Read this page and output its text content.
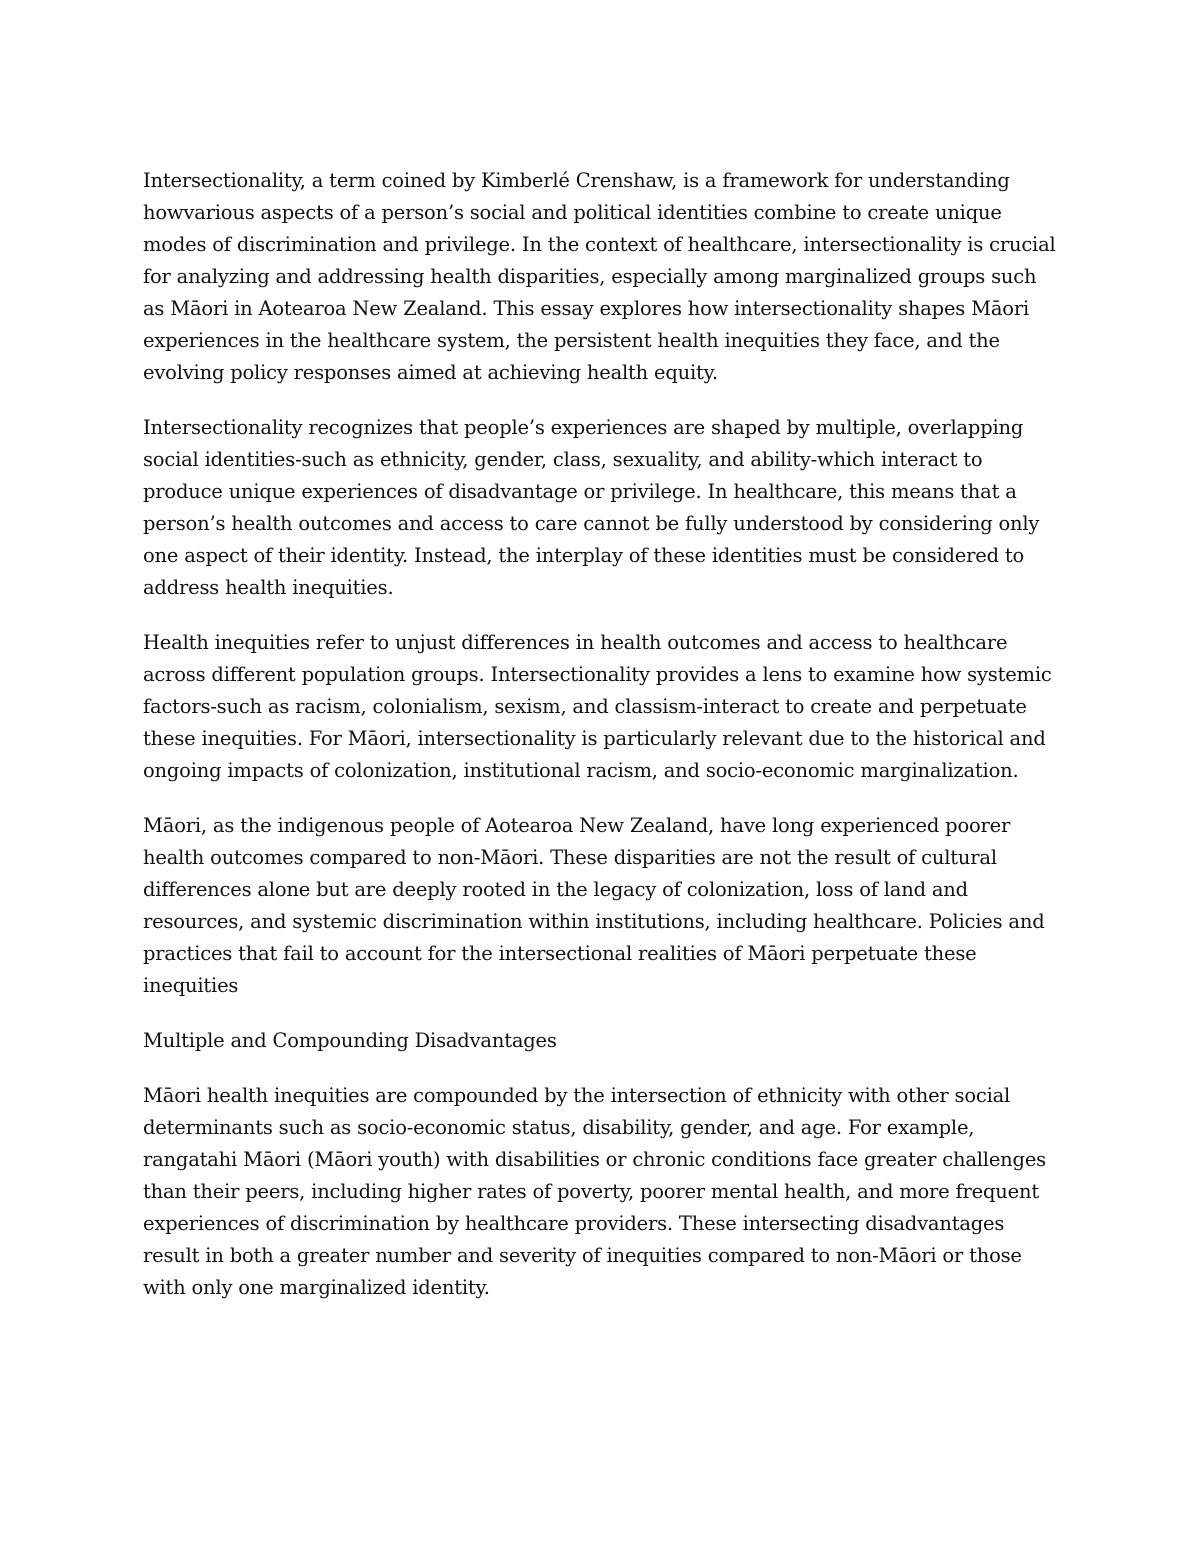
Intersectionality, a term coined by Kimberlé Crenshaw, is a framework for understanding howvarious aspects of a person’s social and political identities combine to create unique modes of discrimination and privilege. In the context of healthcare, intersectionality is crucial for analyzing and addressing health disparities, especially among marginalized groups such as Māori in Aotearoa New Zealand. This essay explores how intersectionality shapes Māori experiences in the healthcare system, the persistent health inequities they face, and the evolving policy responses aimed at achieving health equity.

Intersectionality recognizes that people’s experiences are shaped by multiple, overlapping social identities-such as ethnicity, gender, class, sexuality, and ability-which interact to produce unique experiences of disadvantage or privilege. In healthcare, this means that a person’s health outcomes and access to care cannot be fully understood by considering only one aspect of their identity. Instead, the interplay of these identities must be considered to address health inequities.

Health inequities refer to unjust differences in health outcomes and access to healthcare across different population groups. Intersectionality provides a lens to examine how systemic factors-such as racism, colonialism, sexism, and classism-interact to create and perpetuate these inequities. For Māori, intersectionality is particularly relevant due to the historical and ongoing impacts of colonization, institutional racism, and socio-economic marginalization.

Māori, as the indigenous people of Aotearoa New Zealand, have long experienced poorer health outcomes compared to non-Māori. These disparities are not the result of cultural differences alone but are deeply rooted in the legacy of colonization, loss of land and resources, and systemic discrimination within institutions, including healthcare. Policies and practices that fail to account for the intersectional realities of Māori perpetuate these inequities

Multiple and Compounding Disadvantages

Māori health inequities are compounded by the intersection of ethnicity with other social determinants such as socio-economic status, disability, gender, and age. For example, rangatahi Māori (Māori youth) with disabilities or chronic conditions face greater challenges than their peers, including higher rates of poverty, poorer mental health, and more frequent experiences of discrimination by healthcare providers. These intersecting disadvantages result in both a greater number and severity of inequities compared to non-Māori or those with only one marginalized identity.
